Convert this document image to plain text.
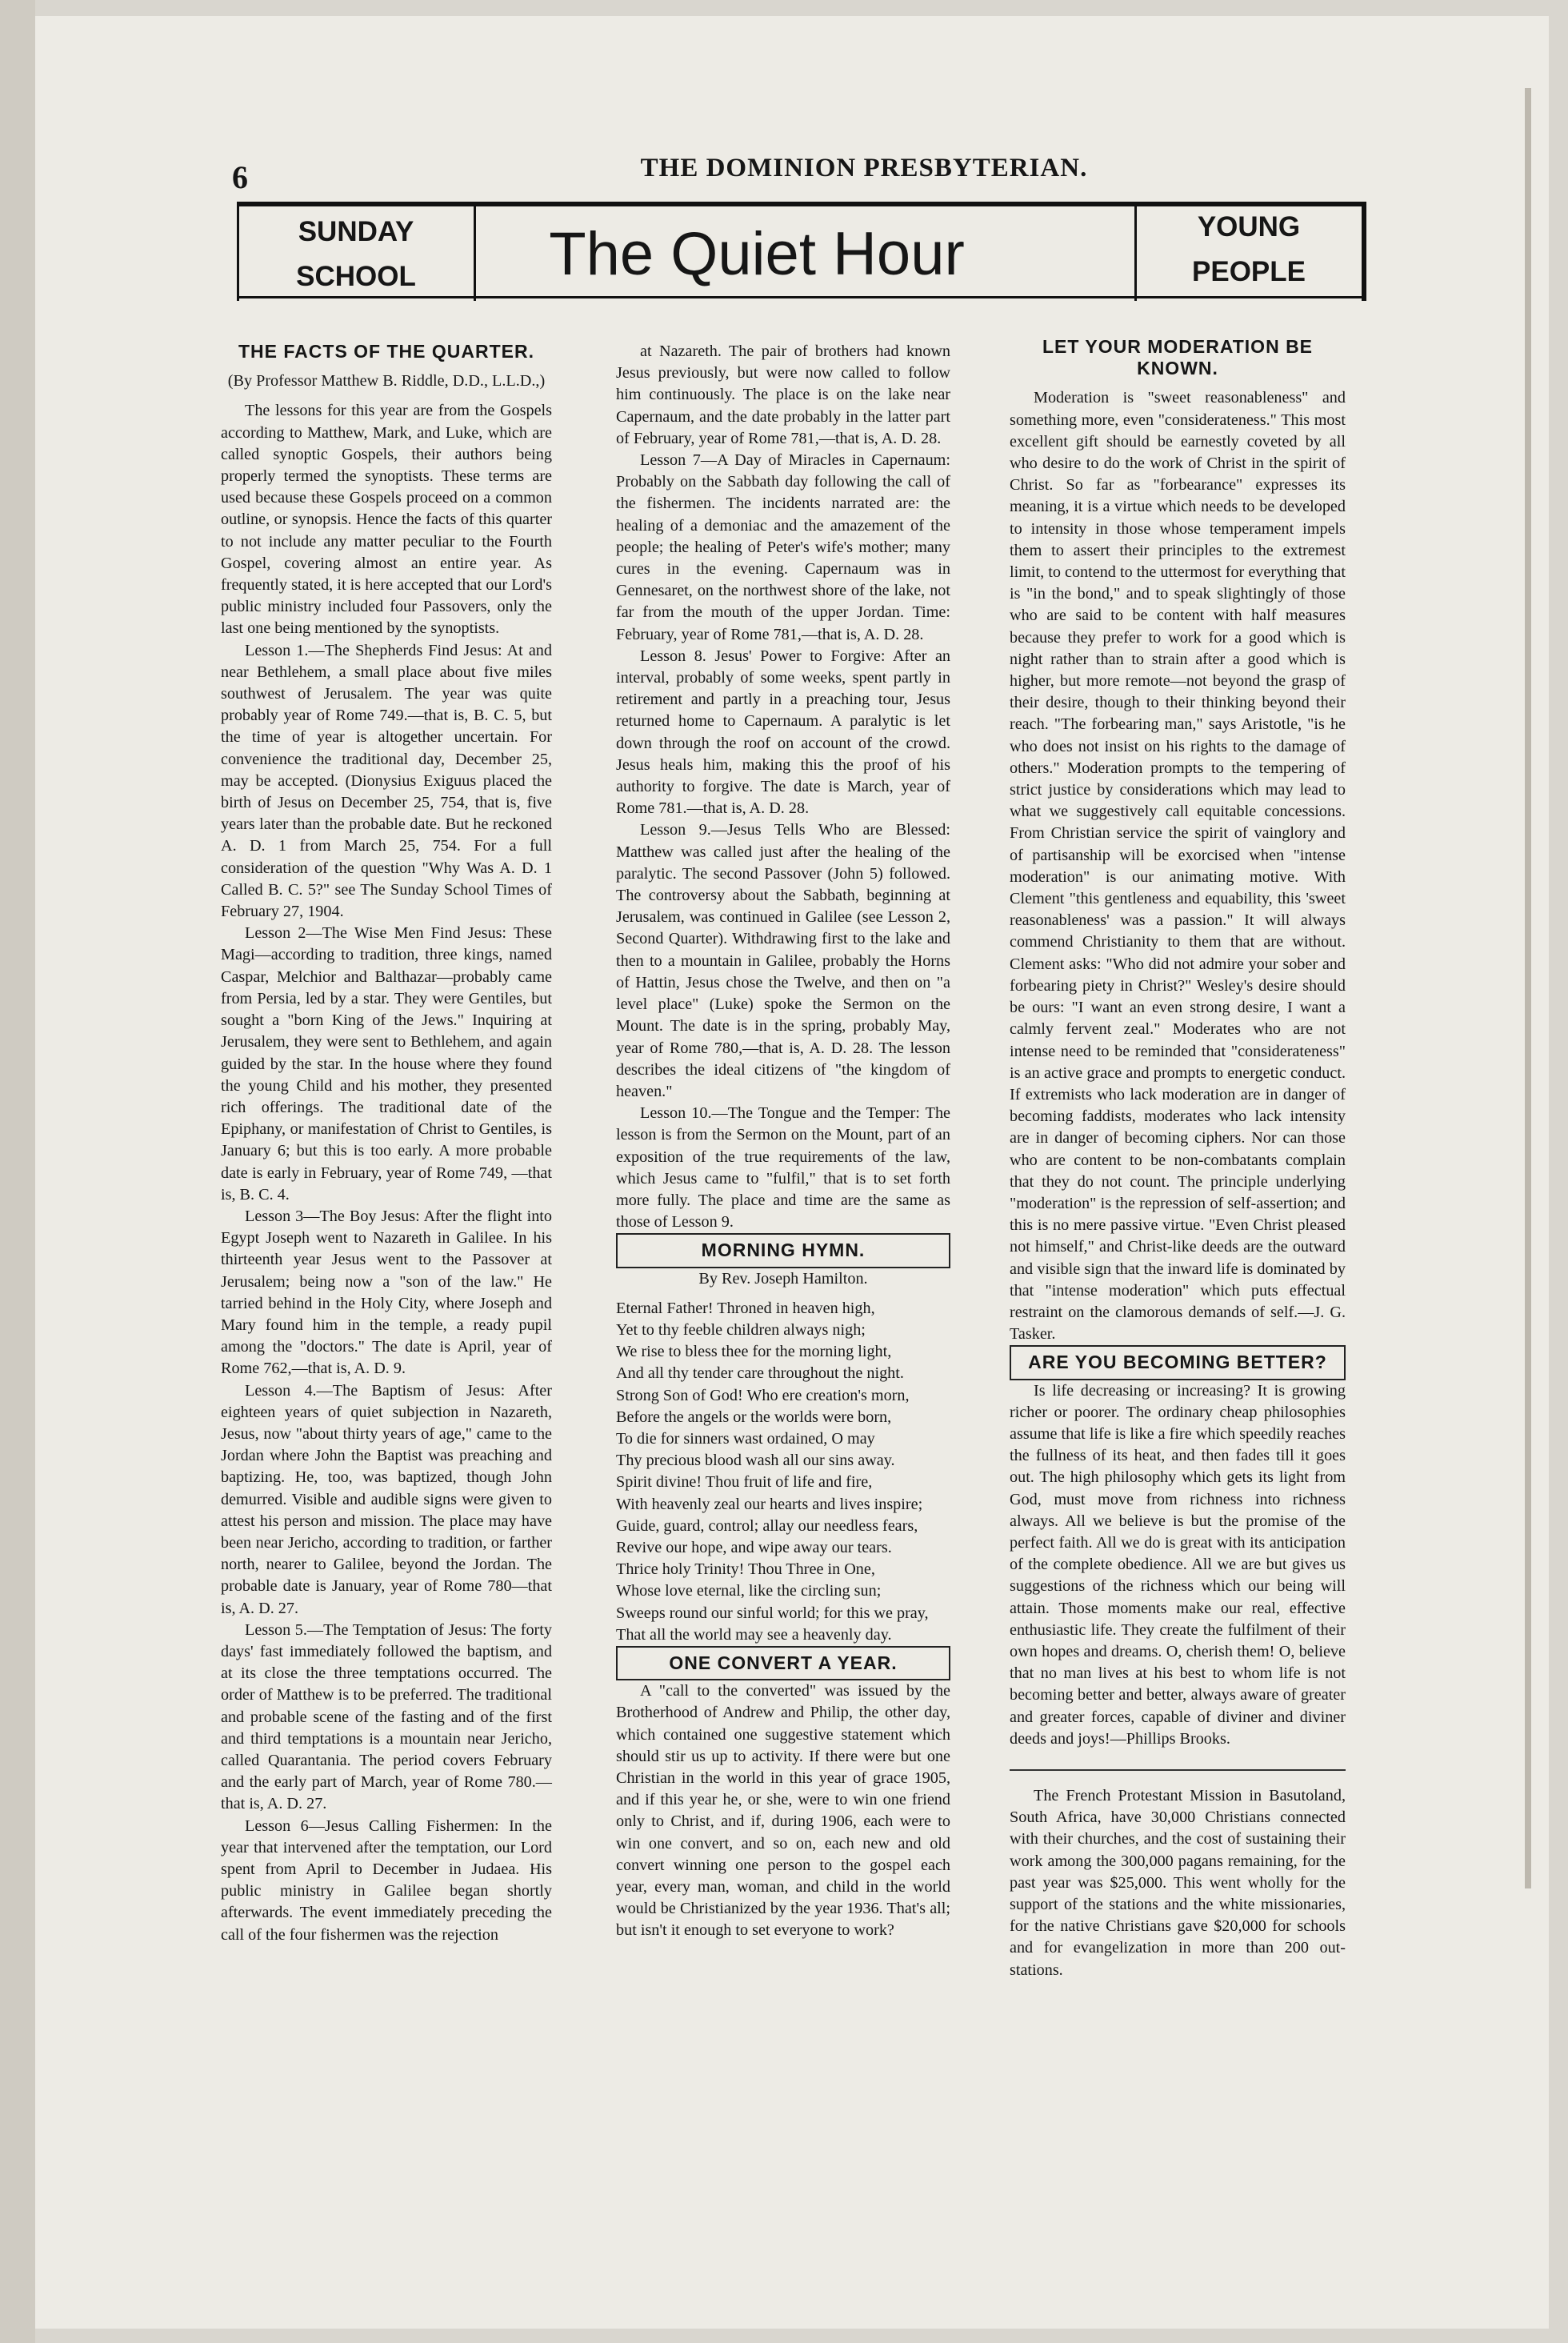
6	THE DOMINION PRESBYTERIAN.
SUNDAY
SCHOOL	The Quiet Hour	YOUNG
PEOPLE

THE FACTS OF THE QUARTER.

(By Professor Matthew B. Riddle, D.D., L.L.D.,)

The lessons for this year are from the Gospels according to Matthew, Mark, and Luke, which are called synoptic Gospels, their authors being properly termed the synoptists. These terms are used because these Gospels proceed on a common outline, or synopsis. Hence the facts of this quarter to not include any matter peculiar to the Fourth Gospel, covering almost an entire year. As frequently stated, it is here accepted that our Lord's public ministry included four Passovers, only the last one being mentioned by the synoptists.

Lesson 1.—The Shepherds Find Jesus: At and near Bethlehem, a small place about five miles southwest of Jerusalem. The year was quite probably year of Rome 749.—that is, B. C. 5, but the time of year is altogether uncertain. For convenience the traditional day, December 25, may be accepted. (Dionysius Exiguus placed the birth of Jesus on December 25, 754, that is, five years later than the probable date. But he reckoned A. D. 1 from March 25, 754. For a full consideration of the question "Why Was A. D. 1 Called B. C. 5?" see The Sunday School Times of February 27, 1904.

Lesson 2—The Wise Men Find Jesus: These Magi—according to tradition, three kings, named Caspar, Melchior and Balthazar—probably came from Persia, led by a star. They were Gentiles, but sought a "born King of the Jews." Inquiring at Jerusalem, they were sent to Bethlehem, and again guided by the star. In the house where they found the young Child and his mother, they presented rich offerings. The traditional date of the Epiphany, or manifestation of Christ to Gentiles, is January 6; but this is too early. A more probable date is early in February, year of Rome 749, —that is, B. C. 4.

Lesson 3—The Boy Jesus: After the flight into Egypt Joseph went to Nazareth in Galilee. In his thirteenth year Jesus went to the Passover at Jerusalem; being now a "son of the law." He tarried behind in the Holy City, where Joseph and Mary found him in the temple, a ready pupil among the "doctors." The date is April, year of Rome 762,—that is, A. D. 9.

Lesson 4.—The Baptism of Jesus: After eighteen years of quiet subjection in Nazareth, Jesus, now "about thirty years of age," came to the Jordan where John the Baptist was preaching and baptizing. He, too, was baptized, though John demurred. Visible and audible signs were given to attest his person and mission. The place may have been near Jericho, according to tradition, or farther north, nearer to Galilee, beyond the Jordan. The probable date is January, year of Rome 780—that is, A. D. 27.

Lesson 5.—The Temptation of Jesus: The forty days' fast immediately followed the baptism, and at its close the three temptations occurred. The order of Matthew is to be preferred. The traditional and probable scene of the fasting and of the first and third temptations is a mountain near Jericho, called Quarantania. The period covers February and the early part of March, year of Rome 780.—that is, A. D. 27.

Lesson 6—Jesus Calling Fishermen: In the year that intervened after the temptation, our Lord spent from April to December in Judaea. His public ministry in Galilee began shortly afterwards. The event immediately preceding the call of the four fishermen was the rejection

at Nazareth. The pair of brothers had known Jesus previously, but were now called to follow him continuously. The place is on the lake near Capernaum, and the date probably in the latter part of February, year of Rome 781,—that is, A. D. 28.

Lesson 7—A Day of Miracles in Capernaum: Probably on the Sabbath day following the call of the fishermen. The incidents narrated are: the healing of a demoniac and the amazement of the people; the healing of Peter's wife's mother; many cures in the evening. Capernaum was in Gennesaret, on the northwest shore of the lake, not far from the mouth of the upper Jordan. Time: February, year of Rome 781,—that is, A. D. 28.

Lesson 8. Jesus' Power to Forgive: After an interval, probably of some weeks, spent partly in retirement and partly in a preaching tour, Jesus returned home to Capernaum. A paralytic is let down through the roof on account of the crowd. Jesus heals him, making this the proof of his authority to forgive. The date is March, year of Rome 781.—that is, A. D. 28.

Lesson 9.—Jesus Tells Who are Blessed: Matthew was called just after the healing of the paralytic. The second Passover (John 5) followed. The controversy about the Sabbath, beginning at Jerusalem, was continued in Galilee (see Lesson 2, Second Quarter). Withdrawing first to the lake and then to a mountain in Galilee, probably the Horns of Hattin, Jesus chose the Twelve, and then on "a level place" (Luke) spoke the Sermon on the Mount. The date is in the spring, probably May, year of Rome 780,—that is, A. D. 28. The lesson describes the ideal citizens of "the kingdom of heaven."

Lesson 10.—The Tongue and the Temper: The lesson is from the Sermon on the Mount, part of an exposition of the true requirements of the law, which Jesus came to "fulfil," that is to set forth more fully. The place and time are the same as those of Lesson 9.

MORNING HYMN.

By Rev. Joseph Hamilton.

Eternal Father! Throned in heaven high,

Yet to thy feeble children always nigh;

We rise to bless thee for the morning light,

And all thy tender care throughout the night.

Strong Son of God! Who ere creation's morn,

Before the angels or the worlds were born,

To die for sinners wast ordained, O may

Thy precious blood wash all our sins away.

Spirit divine! Thou fruit of life and fire,

With heavenly zeal our hearts and lives inspire;

Guide, guard, control; allay our needless fears,

Revive our hope, and wipe away our tears.

Thrice holy Trinity! Thou Three in One,

Whose love eternal, like the circling sun;

Sweeps round our sinful world; for this we pray,

That all the world may see a heavenly day.

ONE CONVERT A YEAR.

A "call to the converted" was issued by the Brotherhood of Andrew and Philip, the other day, which contained one suggestive statement which should stir us up to activity. If there were but one Christian in the world in this year of grace 1905, and if this year he, or she, were to win one friend only to Christ, and if, during 1906, each were to win one convert, and so on, each new and old convert winning one person to the gospel each year, every man, woman, and child in the world would be Christianized by the year 1936. That's all; but isn't it enough to set everyone to work?

LET YOUR MODERATION BE KNOWN.

Moderation is "sweet reasonableness" and something more, even "considerateness." This most excellent gift should be earnestly coveted by all who desire to do the work of Christ in the spirit of Christ. So far as "forbearance" expresses its meaning, it is a virtue which needs to be developed to intensity in those whose temperament impels them to assert their principles to the extremest limit, to contend to the uttermost for everything that is "in the bond," and to speak slightingly of those who are said to be content with half measures because they prefer to work for a good which is night rather than to strain after a good which is higher, but more remote—not beyond the grasp of their desire, though to their thinking beyond their reach. "The forbearing man," says Aristotle, "is he who does not insist on his rights to the damage of others." Moderation prompts to the tempering of strict justice by considerations which may lead to what we suggestively call equitable concessions. From Christian service the spirit of vainglory and of partisanship will be exorcised when "intense moderation" is our animating motive. With Clement "this gentleness and equability, this 'sweet reasonableness' was a passion." It will always commend Christianity to them that are without. Clement asks: "Who did not admire your sober and forbearing piety in Christ?" Wesley's desire should be ours: "I want an even strong desire, I want a calmly fervent zeal." Moderates who are not intense need to be reminded that "considerateness" is an active grace and prompts to energetic conduct. If extremists who lack moderation are in danger of becoming faddists, moderates who lack intensity are in danger of becoming ciphers. Nor can those who are content to be non-combatants complain that they do not count. The principle underlying "moderation" is the repression of self-assertion; and this is no mere passive virtue. "Even Christ pleased not himself," and Christ-like deeds are the outward and visible sign that the inward life is dominated by that "intense moderation" which puts effectual restraint on the clamorous demands of self.—J. G. Tasker.

ARE YOU BECOMING BETTER?

Is life decreasing or increasing? It is growing richer or poorer. The ordinary cheap philosophies assume that life is like a fire which speedily reaches the fullness of its heat, and then fades till it goes out. The high philosophy which gets its light from God, must move from richness into richness always. All we believe is but the promise of the perfect faith. All we do is great with its anticipation of the complete obedience. All we are but gives us suggestions of the richness which our being will attain. Those moments make our real, effective enthusiastic life. They create the fulfilment of their own hopes and dreams. O, cherish them! O, believe that no man lives at his best to whom life is not becoming better and better, always aware of greater and greater forces, capable of diviner and diviner deeds and joys!—Phillips Brooks.

The French Protestant Mission in Basutoland, South Africa, have 30,000 Christians connected with their churches, and the cost of sustaining their work among the 300,000 pagans remaining, for the past year was $25,000. This went wholly for the support of the stations and the white missionaries, for the native Christians gave $20,000 for schools and for evangelization in more than 200 out-stations.
